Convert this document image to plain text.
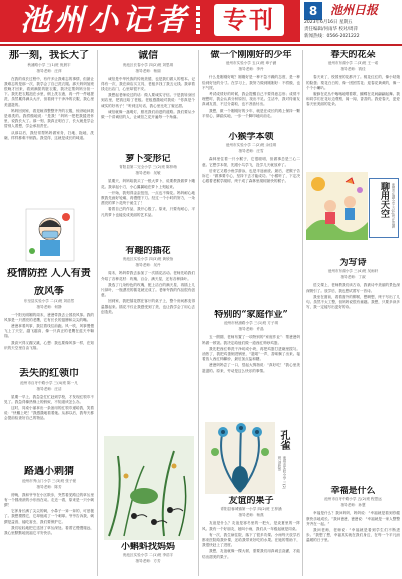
池州小记者	专刊	8	池州日报
2023年6月16日 星期五
责任编辑/何雨华 校对/周萍
新闻热线：0566-2021222
那一刻，我长大了
秋浦路小学 三(1)班 倪晨宇
指导老师：汪萍

在我的成长过程中，有许多让我难忘的事情，但最让我难忘的是那一次，我学会了自己洗衣服。那天妈妈加班很晚才回来，看到满筐的脏衣服，我决定帮妈妈分担一下。我先把衣服泡在水里，倒上洗衣液，再一件一件地搓洗，虽然累得满头大汗，但看到干干净净的衣服，我心里美滋滋的。

妈妈回到家，看见晾得整整齐齐的衣服，惊讶地问我是谁洗的。我骄傲地说：“是我！”妈妈一把把我搂进怀里，说我长大了。那一刻，我真正明白了，长大就是学会替别人着想，学会承担责任。

从那以后，我经常帮妈妈做家务，扫地、拖地、洗碗，样样都难不倒我。我觉得，这就是成长的味道。

疫情防控 人人有责
放风筝
东至县实验小学 二(1)班 刘浩然
指导老师：何静

一个阳光明媚的周末，爸爸带我去公园放风筝。我的风筝是一只漂亮的老鹰，它有长长的翅膀和尖尖的嘴。

爸爸拿着风筝，我拉着线往前跑。风一吹，风筝慢慢飞上了天空，越飞越高，像一只真正的老鹰在蓝天中翱翔。

我高兴得又蹦又跳，心想：我也要像风筝一样，在知识的天空里自由飞翔。

丢失的红领巾
池州市百牙中路小学 三(4)班 陈一凡
指导老师：汪洁

星期一早上，我急急忙忙赶到学校，才发现红领巾不见了。我急得像热锅上的蚂蚁，不知道该怎么办。

这时，同桌小丽拿出一条备用的红领巾递给我，笑着说：“快戴上吧！”我感激地看着她。从那以后，我每天都会提前检查好自己的物品。

路遇小刺猬
池州市秀山门小学 三(3)班 张子豪
指导老师：陈芳

傍晚，我和爷爷在小区散步，突然看见路边的草丛里有一个圆滚滚的小东西在动。走近一看，原来是一只小刺猬！

它浑身长满了尖尖的刺，小鼻子一耸一耸的，可爱极了。我想摸摸它，它却缩成了一个刺球。爷爷告诉我，刺猬是益兽，能吃害虫，我们要保护它。

我们轻轻地把它送回了草丛深处。看着它慢慢爬远，我心里默默地祝福它平安快乐。

诚信
贵池区长春小学 四(2)班 刘思琪
指导老师：杨丽

诚信是中华民族的传统美德，也是我们做人的根本。记得有一次，我在商店买文具，老板多找了我五元钱。我拿着钱走出店门，心里却很不安。

我想起老师说过的话：做人要诚实守信。于是我转身回到店里，把钱还给了老板。老板感激地对我说：“你真是个诚实的好孩子！”听到这句话，我心里比吃了蜜还甜。

诚信就像一盏明灯，照亮我们前进的道路。我们要从小做一个讲诚信的人，让诚信之花开遍每一个角落。

萝卜变形记
青阳县第二完全小学 三(2)班 陈梓萌
指导老师：吴敏

星期天，妈妈给我买了一根大萝卜，说要教我做萝卜雕花。我拿起小刀，小心翼翼地在萝卜上刻起来。

一开始，我刻得歪歪扭扭，一点也不像花。妈妈耐心地教我先画好轮廓，再慢慢下刀。经过一个小时的努力，一朵漂亮的萝卜花终于诞生了！

看着自己的作品，我开心极了。原来，只要有耐心，平凡的萝卜也能变成美丽的艺术品。

有趣的插花
贵池区实验小学 四(3)班 黄欣怡
指导老师：吴丹

周末，妈妈带我去参加了一次插花活动。老师先给我们介绍了各种花材：玫瑰、百合、满天星，还有各种绿叶。

我选了几朵粉色的玫瑰，配上洁白的满天星，再插上几片绿叶，一瓶漂亮的插花就完成了。老师夸我的作品很有创意。

回到家，我把插花摆在客厅的桌子上，整个房间都变得温馨起来。插花不仅让我感受到了美，也让我学会了用心去创造美。

小蝌蚪找妈妈
贵池区实验小学 二(1)班 李浩宇
指导老师：方芳
做一个刚刚好的少年
池州市实验小学 五(1)班 章子涵
指导老师：李丹

什么是刚刚好呢？刚刚好是一种不急不躁的态度，是一种恰到好处的分寸。在学习上，我努力做到刚刚好：不骄傲，也不气馁。

考试成绩好的时候，我会提醒自己不要得意忘形；成绩不理想时，我会认真分析原因，找出不足。生活中，我对待朋友真诚友善，不过分索取，也不吝啬付出。

我想，做一个刚刚好的少年，就是在成长的路上保持一颗平常心，脚踏实地，一步一个脚印地向前走。

小猴学本领
池州市实验小学 二(2)班 余佳琪
指导老师：汪雪

森林里住着一只小猴子，它很聪明，但做事总是三心二意。它想学本领，先跟小鸟学飞，没学几天就放弃了。

后来它又跟小鱼学游泳，也是半途而废。最后，老猴子告诉它：“做事要专心，坚持下去才能成功。”小猴听了，下定决心跟着老猴学爬树，终于成了森林里爬树最快的猴子。

特别的“家庭作业”
池州市秋浦路小学 三(1)班 方子琪
指导老师：许晶

五一假期，老师布置了一项特别的“家庭作业”：帮爸爸妈妈做一顿饭。我决定给他们做一道西红柿炒鸡蛋。

我先把西红柿洗干净切成小块，再把鸡蛋打进碗里搅匀。油热了，我把鸡蛋倒进锅里，“滋啦”一声，香味飘了出来。接着放入西红柿翻炒，最后加点盐和糖。

爸爸妈妈尝了一口，竖起大拇指说：“真好吃！”我心里美滋滋的。原来，劳动是这么快乐的事情。

孔雀
池州市实验小学 三(2)班 刘欣然
友谊的果子
青阳县蓉城镇第一小学 四(2)班 王梓涵
指导老师：杨燕

友谊是什么？友谊是寒冬里的一把火，是炎夏里的一阵风。我有一个好朋友，她叫小雨，我们从一年级起就是同桌。

有一次，我生病住院，落下了很多功课。小雨每天放学后都来医院给我补课，还给我带来好吃的水果。在她的帮助下，我很快赶上了进度。

我想，友谊就像一棵大树，需要我们用真诚去浇灌，才能结出甜美的果子。

春天的花朵
池州市东湖小学 二(3)班 王一诺
指导老师：钱佳

春天来了，校园里的花都开了。桃花红红的，像小姑娘的脸蛋；梨花白白的，像一团团雪花；迎春花黄黄的，像一个个小喇叭。

蜜蜂在花丛中嗡嗡地唱着歌，蝴蝶在花间翩翩起舞。我和同学们在花坛边观察，闻一闻，香香的。我爱春天，更爱春天里美丽的花朵。

聊用天空 池州市东湖小学 五(1)班 汪语涵
为写诗
池州市东湖小学 三(4)班 吴雨轩
指导老师：丁淑

语文课上，老师教我们读古诗，我被诗中美丽的景色深深吸引了。放学后，我也想试着写一首诗。

我坐在窗前，看着窗外的柳树，想啊想，终于写出了几句。虽然不太工整，但妈妈说很有童趣。我想，只要多读多写，我一定能写出更好的诗。

幸福是什么
池州市百牙中路小学 五(2)班 程思远
指导老师：孙慧

幸福是什么？我问妈妈，妈妈说：“幸福就是看到你健康快乐地成长。”我问爸爸，爸爸说：“幸福就是一家人整整齐齐在一起。”

我问老师，老师说：“幸福就是看到学生们不断进步。”我想了想，幸福其实就在我们身边，在每一个平凡而温暖的日子里。
